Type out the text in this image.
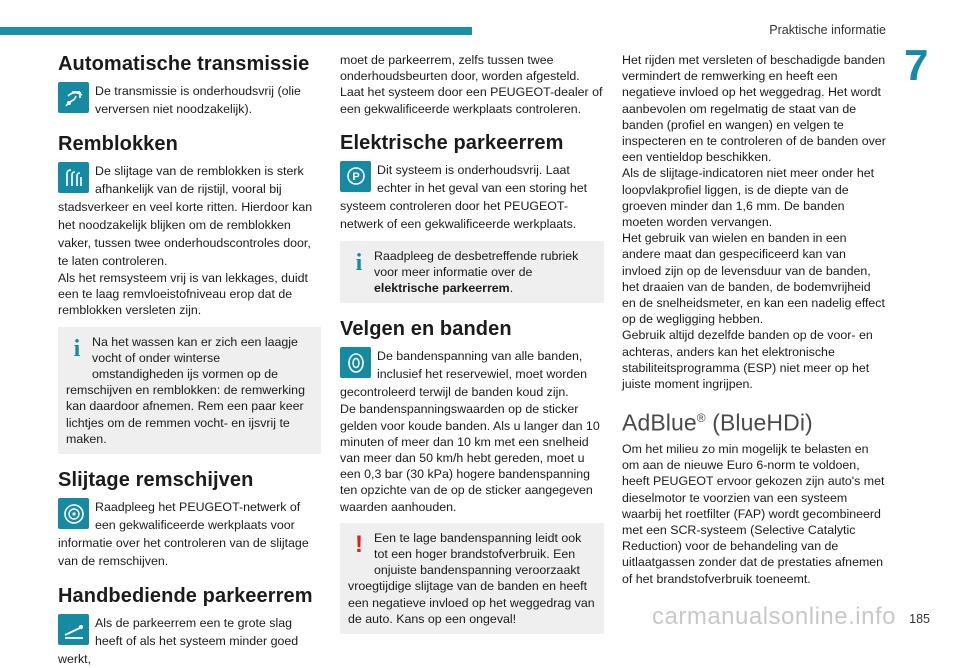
Praktische informatie
7
Automatische transmissie
De transmissie is onderhoudsvrij (olie verversen niet noodzakelijk).
Remblokken
De slijtage van de remblokken is sterk afhankelijk van de rijstijl, vooral bij stadsverkeer en veel korte ritten. Hierdoor kan het noodzakelijk blijken om de remblokken vaker, tussen twee onderhoudscontroles door, te laten controleren.

Als het remsysteem vrij is van lekkages, duidt een te laag remvloeistofniveau erop dat de remblokken versleten zijn.

i Na het wassen kan er zich een laagje vocht of onder winterse omstandigheden ijs vormen op de remschijven en remblokken: de remwerking kan daardoor afnemen. Rem een paar keer lichtjes om de remmen vocht- en ijsvrij te maken.
Slijtage remschijven
Raadpleeg het PEUGEOT-netwerk of een gekwalificeerde werkplaats voor informatie over het controleren van de slijtage van de remschijven.
Handbediende parkeerrem
Als de parkeerrem een te grote slag heeft of als het systeem minder goed werkt,

moet de parkeerrem, zelfs tussen twee onderhoudsbeurten door, worden afgesteld. Laat het systeem door een PEUGEOT-dealer of een gekwalificeerde werkplaats controleren.

Elektrische parkeerrem
P
Dit systeem is onderhoudsvrij. Laat echter in het geval van een storing het systeem controleren door het PEUGEOT-netwerk of een gekwalificeerde werkplaats.
i Raadpleeg de desbetreffende rubriek voor meer informatie over de elektrische parkeerrem.
Velgen en banden
De bandenspanning van alle banden, inclusief het reservewiel, moet worden gecontroleerd terwijl de banden koud zijn.

De bandenspanningswaarden op de sticker gelden voor koude banden. Als u langer dan 10 minuten of meer dan 10 km met een snelheid van meer dan 50 km/h hebt gereden, moet u een 0,3 bar (30 kPa) hogere bandenspanning ten opzichte van de op de sticker aangegeven waarden aanhouden.

! Een te lage bandenspanning leidt ook tot een hoger brandstofverbruik. Een onjuiste bandenspanning veroorzaakt vroegtijdige slijtage van de banden en heeft een negatieve invloed op het weggedrag van de auto. Kans op een ongeval!

Het rijden met versleten of beschadigde banden vermindert de remwerking en heeft een negatieve invloed op het weggedrag. Het wordt aanbevolen om regelmatig de staat van de banden (profiel en wangen) en velgen te inspecteren en te controleren of de banden over een ventieldop beschikken.

Als de slijtage-indicatoren niet meer onder het loopvlakprofiel liggen, is de diepte van de groeven minder dan 1,6 mm. De banden moeten worden vervangen.

Het gebruik van wielen en banden in een andere maat dan gespecificeerd kan van invloed zijn op de levensduur van de banden, het draaien van de banden, de bodemvrijheid en de snelheidsmeter, en kan een nadelig effect op de wegligging hebben.

Gebruik altijd dezelfde banden op de voor- en achteras, anders kan het elektronische stabiliteitsprogramma (ESP) niet meer op het juiste moment ingrijpen.

AdBlue® (BlueHDi)

Om het milieu zo min mogelijk te belasten en om aan de nieuwe Euro 6-norm te voldoen, heeft PEUGEOT ervoor gekozen zijn auto's met dieselmotor te voorzien van een systeem waarbij het roetfilter (FAP) wordt gecombineerd met een SCR-systeem (Selective Catalytic Reduction) voor de behandeling van de uitlaatgassen zonder dat de prestaties afnemen of het brandstofverbruik toeneemt.

carmanualsonline.info 185
